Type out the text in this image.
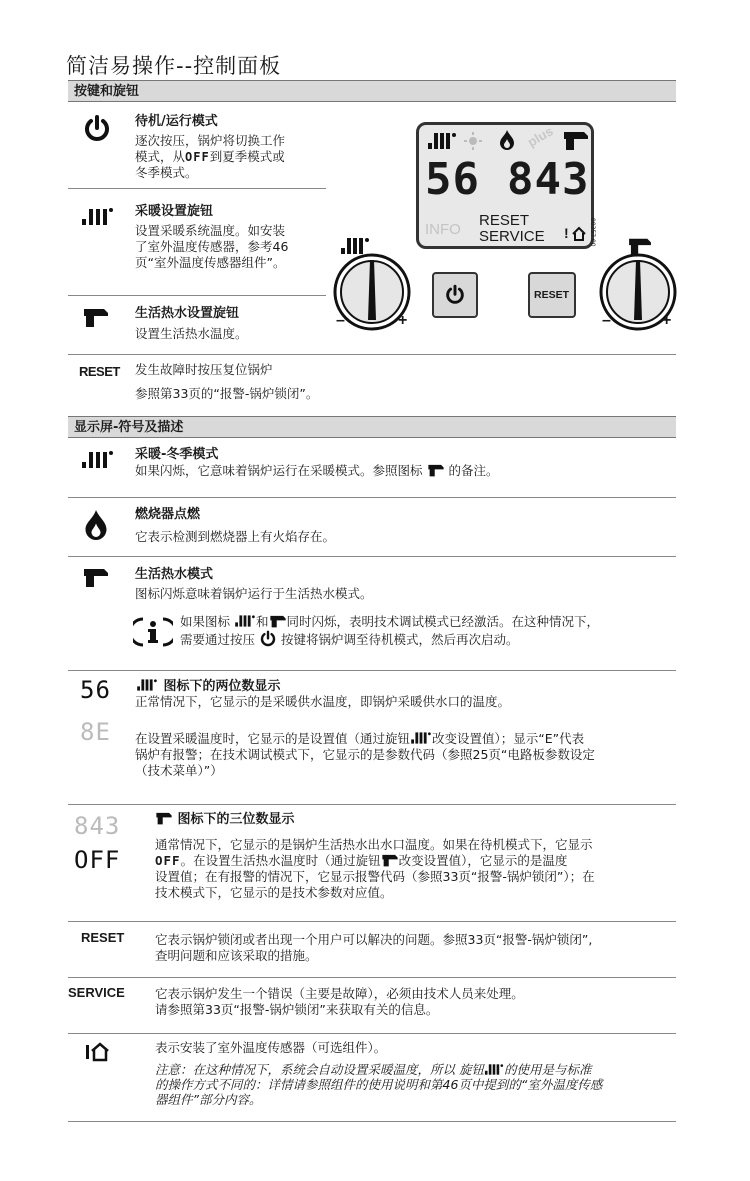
简洁易操作--控制面板
按键和旋钮
待机/运行模式
逐次按压，锅炉将切换工作
模式，从OFF到夏季模式或
冬季模式。
采暖设置旋钮
设置采暖系统温度。如安装
了室外温度传感器，参考46
页“室外温度传感器组件”。
生活热水设置旋钮
设置生活热水温度。
RESET 发生故障时按压复位锅炉
参照第33页的“报警-锅炉锁闭”。
plus
56 843
INFO
RESET
SERVICE !	00357.00
–	+
RESET
–	+
显示屏-符号及描述
采暖-冬季模式
如果闪烁，它意味着锅炉运行在采暖模式。参照图标 的备注。
燃烧器点燃
它表示检测到燃烧器上有火焰存在。
生活热水模式
图标闪烁意味着锅炉运行于生活热水模式。
如果图标 和 同时闪烁，表明技术调试模式已经激活。在这种情况下，
需要通过按压 按键将锅炉调至待机模式，然后再次启动。
56
8E
图标下的两位数显示
正常情况下，它显示的是采暖供水温度，即锅炉采暖供水口的温度。
在设置采暖温度时，它显示的是设置值（通过旋钮 改变设置值）；显示“E”代表
锅炉有报警；在技术调试模式下，它显示的是参数代码（参照25页“电路板参数设定
（技术菜单）”）
843
OFF
图标下的三位数显示
通常情况下，它显示的是锅炉生活热水出水口温度。如果在待机模式下，它显示
OFF。在设置生活热水温度时（通过旋钮 改变设置值），它显示的是温度
设置值；在有报警的情况下，它显示报警代码（参照33页“报警-锅炉锁闭”）；在
技术模式下，它显示的是技术参数对应值。
RESET 它表示锅炉锁闭或者出现一个用户可以解决的问题。参照33页“报警-锅炉锁闭”,
查明问题和应该采取的措施。
SERVICE 它表示锅炉发生一个错误（主要是故障），必须由技术人员来处理。
请参照第33页“报警-锅炉锁闭”来获取有关的信息。
表示安装了室外温度传感器（可选组件）。
注意：在这种情况下，系统会自动设置采暖温度，所以 旋钮 的使用是与标准
的操作方式不同的：详情请参照组件的使用说明和第46页中提到的“室外温度传感
器组件”部分内容。
